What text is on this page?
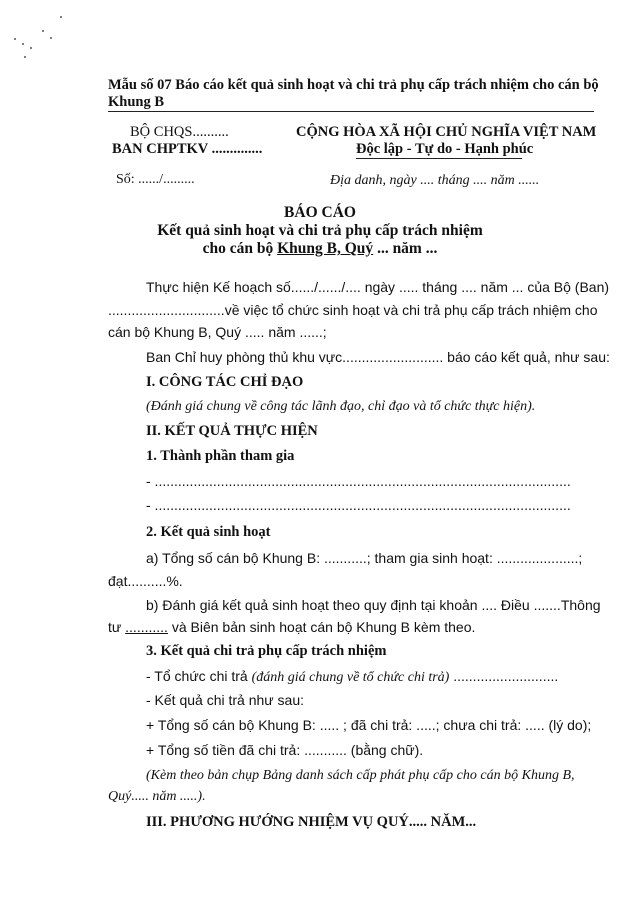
Mẫu số 07 Báo cáo kết quả sinh hoạt và chi trả phụ cấp trách nhiệm cho cán bộ
Khung B
BỘ CHQS..........
BAN CHPTKV ..............
Số: ....../.........
CỘNG HÒA XÃ HỘI CHỦ NGHĨA VIỆT NAM
Độc lập - Tự do - Hạnh phúc
Địa danh, ngày .... tháng .... năm ......
BÁO CÁO
Kết quả sinh hoạt và chi trả phụ cấp trách nhiệm
cho cán bộ Khung B, Quý ... năm ...
Thực hiện Kế hoạch số....../....../.... ngày ..... tháng .... năm ... của Bộ (Ban)
..............................về việc tổ chức sinh hoạt và chi trả phụ cấp trách nhiệm cho
cán bộ Khung B, Quý ..... năm ......;
Ban Chỉ huy phòng thủ khu vực.......................... báo cáo kết quả, như sau:
I. CÔNG TÁC CHỈ ĐẠO
(Đánh giá chung về công tác lãnh đạo, chỉ đạo và tổ chức thực hiện).
II. KẾT QUẢ THỰC HIỆN
1. Thành phần tham gia
- ...........................................................................................................
- ...........................................................................................................
2. Kết quả sinh hoạt
a) Tổng số cán bộ Khung B: ...........; tham gia sinh hoạt: .....................;
đạt..........%.
b) Đánh giá kết quả sinh hoạt theo quy định tại khoản .... Điều .......Thông
tư ........... và Biên bản sinh hoạt cán bộ Khung B kèm theo.
3. Kết quả chi trả phụ cấp trách nhiệm
- Tổ chức chi trả (đánh giá chung về tổ chức chi trả) ...........................
- Kết quả chi trả như sau:
+ Tổng số cán bộ Khung B: ..... ; đã chi trả: .....; chưa chi trả: ..... (lý do);
+ Tổng số tiền đã chi trả: ........... (bằng chữ).
(Kèm theo bản chụp Bảng danh sách cấp phát phụ cấp cho cán bộ Khung B,
Quý..... năm .....).
III. PHƯƠNG HƯỚNG NHIỆM VỤ QUÝ..... NĂM...
